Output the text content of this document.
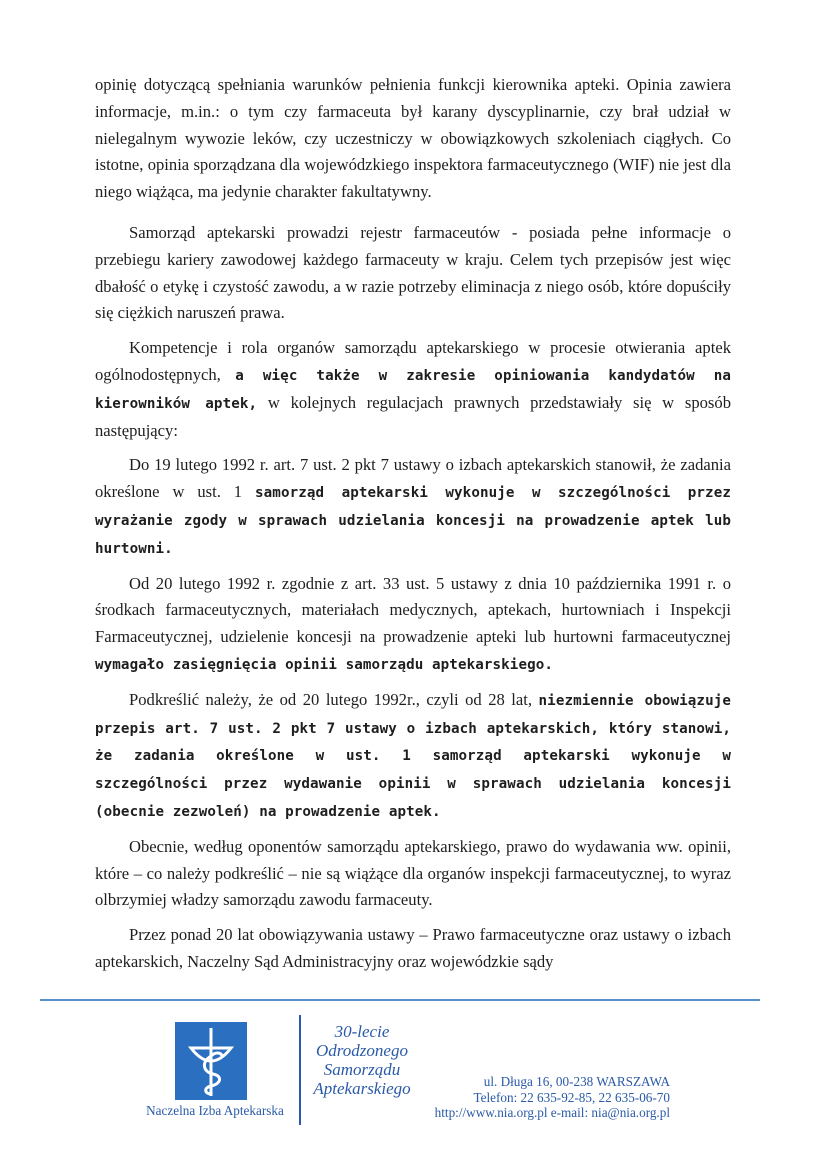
opinię dotyczącą spełniania warunków pełnienia funkcji kierownika apteki. Opinia zawiera informacje, m.in.: o tym czy farmaceuta był karany dyscyplinarnie, czy brał udział w nielegalnym wywozie leków, czy uczestniczy w obowiązkowych szkoleniach ciągłych. Co istotne, opinia sporządzana dla wojewódzkiego inspektora farmaceutycznego (WIF) nie jest dla niego wiążąca, ma jedynie charakter fakultatywny.

Samorząd aptekarski prowadzi rejestr farmaceutów - posiada pełne informacje o przebiegu kariery zawodowej każdego farmaceuty w kraju. Celem tych przepisów jest więc dbałość o etykę i czystość zawodu, a w razie potrzeby eliminacja z niego osób, które dopuściły się ciężkich naruszeń prawa.

Kompetencje i rola organów samorządu aptekarskiego w procesie otwierania aptek ogólnodostępnych, a więc także w zakresie opiniowania kandydatów na kierowników aptek, w kolejnych regulacjach prawnych przedstawiały się w sposób następujący:

Do 19 lutego 1992 r. art. 7 ust. 2 pkt 7 ustawy o izbach aptekarskich stanowił, że zadania określone w ust. 1 samorząd aptekarski wykonuje w szczególności przez wyrażanie zgody w sprawach udzielania koncesji na prowadzenie aptek lub hurtowni.

Od 20 lutego 1992 r. zgodnie z art. 33 ust. 5 ustawy z dnia 10 października 1991 r. o środkach farmaceutycznych, materiałach medycznych, aptekach, hurtowniach i Inspekcji Farmaceutycznej, udzielenie koncesji na prowadzenie apteki lub hurtowni farmaceutycznej wymagało zasięgnięcia opinii samorządu aptekarskiego.

Podkreślić należy, że od 20 lutego 1992r., czyli od 28 lat, niezmiennie obowiązuje przepis art. 7 ust. 2 pkt 7 ustawy o izbach aptekarskich, który stanowi, że zadania określone w ust. 1 samorząd aptekarski wykonuje w szczególności przez wydawanie opinii w sprawach udzielania koncesji (obecnie zezwoleń) na prowadzenie aptek.

Obecnie, według oponentów samorządu aptekarskiego, prawo do wydawania ww. opinii, które – co należy podkreślić – nie są wiążące dla organów inspekcji farmaceutycznej, to wyraz olbrzymiej władzy samorządu zawodu farmaceuty.

Przez ponad 20 lat obowiązywania ustawy – Prawo farmaceutyczne oraz ustawy o izbach aptekarskich, Naczelny Sąd Administracyjny oraz wojewódzkie sądy

Naczelna Izba Aptekarska
30-lecie
Odrodzonego
Samorządu
Aptekarskiego	ul. Długa 16, 00-238 WARSZAWA
Telefon: 22 635-92-85, 22 635-06-70
http://www.nia.org.pl e-mail: nia@nia.org.pl
